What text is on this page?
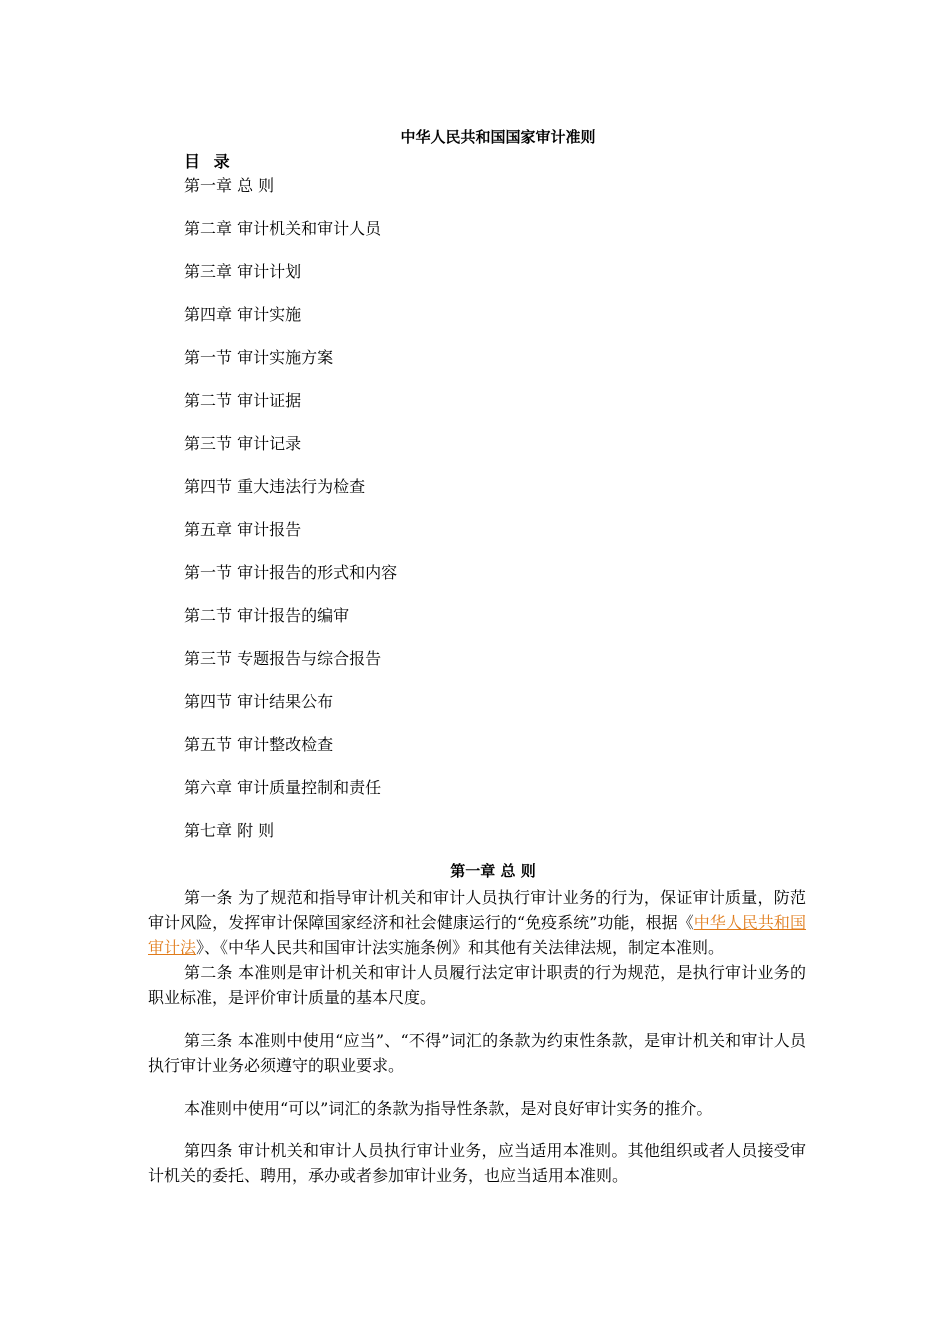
中华人民共和国国家审计准则
目 录
第一章 总 则
第二章 审计机关和审计人员
第三章 审计计划
第四章 审计实施
第一节 审计实施方案
第二节 审计证据
第三节 审计记录
第四节 重大违法行为检查
第五章 审计报告
第一节 审计报告的形式和内容
第二节 审计报告的编审
第三节 专题报告与综合报告
第四节 审计结果公布
第五节 审计整改检查
第六章 审计质量控制和责任
第七章 附 则
第一章 总 则
第一条 为了规范和指导审计机关和审计人员执行审计业务的行为，保证审计质量，防范审计风险，发挥审计保障国家经济和社会健康运行的“免疫系统”功能，根据《中华人民共和国审计法》、《中华人民共和国审计法实施条例》和其他有关法律法规，制定本准则。
第二条 本准则是审计机关和审计人员履行法定审计职责的行为规范，是执行审计业务的职业标准，是评价审计质量的基本尺度。
第三条 本准则中使用“应当”、“不得”词汇的条款为约束性条款，是审计机关和审计人员执行审计业务必须遵守的职业要求。
本准则中使用“可以”词汇的条款为指导性条款，是对良好审计实务的推介。
第四条 审计机关和审计人员执行审计业务，应当适用本准则。其他组织或者人员接受审计机关的委托、聘用，承办或者参加审计业务，也应当适用本准则。
